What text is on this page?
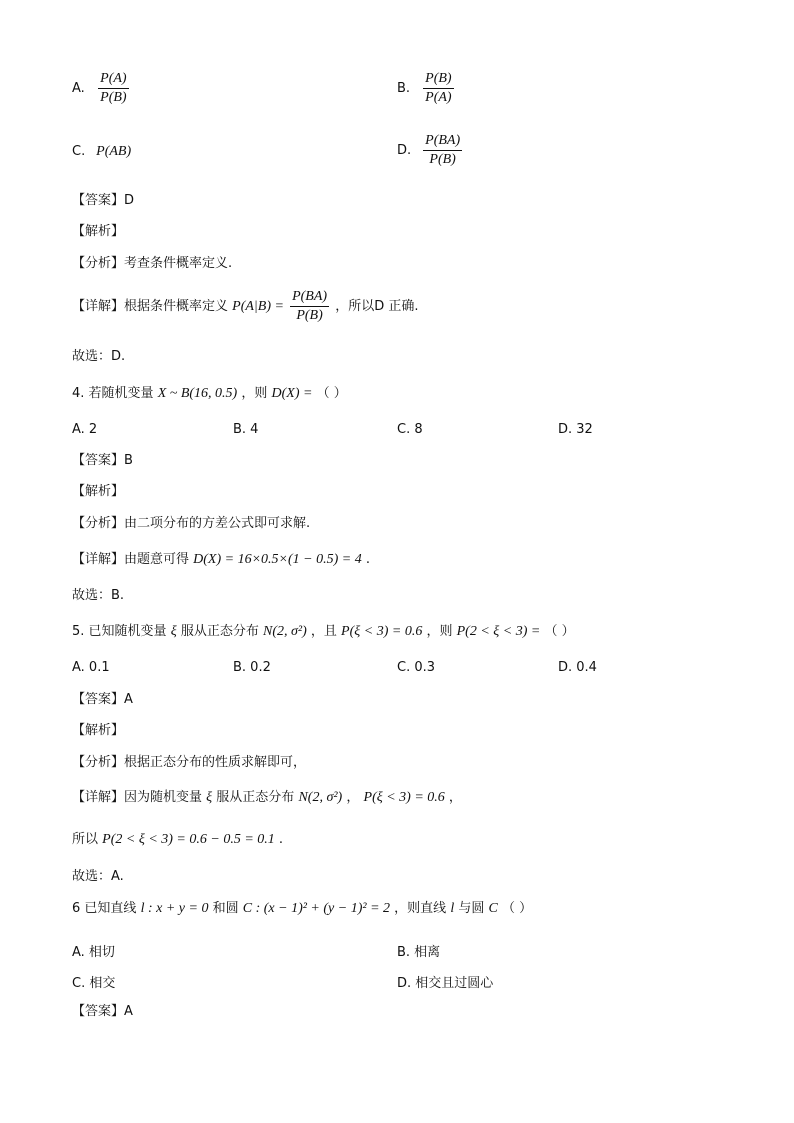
A. $\frac{P(A)}{P(B)}$	B. $\frac{P(B)}{P(A)}$
C. P(AB)	D. $\frac{P(BA)}{P(B)}$
【答案】D
【解析】
【分析】考查条件概率定义.
【详解】根据条件概率定义 $P(A|B) = \frac{P(BA)}{P(B)}$ ，所以D 正确.
故选：D.
4. 若随机变量 X ~ B(16, 0.5) ，则 D(X) = （ ）
A. 2	B. 4	C. 8	D. 32
【答案】B
【解析】
【分析】由二项分布的方差公式即可求解.
【详解】由题意可得 D(X) = 16×0.5×(1 − 0.5) = 4 .
故选：B.
5. 已知随机变量 ξ 服从正态分布 N(2, σ²) ，且 P(ξ < 3) = 0.6 ，则 P(2 < ξ < 3) = （ ）
A. 0.1	B. 0.2	C. 0.3	D. 0.4
【答案】A
【解析】
【分析】根据正态分布的性质求解即可，
【详解】因为随机变量 ξ 服从正态分布 N(2, σ²) ， P(ξ < 3) = 0.6 ，
所以 P(2 < ξ < 3) = 0.6 − 0.5 = 0.1 .
故选：A.
6 已知直线 l : x + y = 0 和圆 C : (x − 1)² + (y − 1)² = 2 ，则直线 l 与圆 C （ ）
A. 相切	B. 相离
C. 相交	D. 相交且过圆心
【答案】A
